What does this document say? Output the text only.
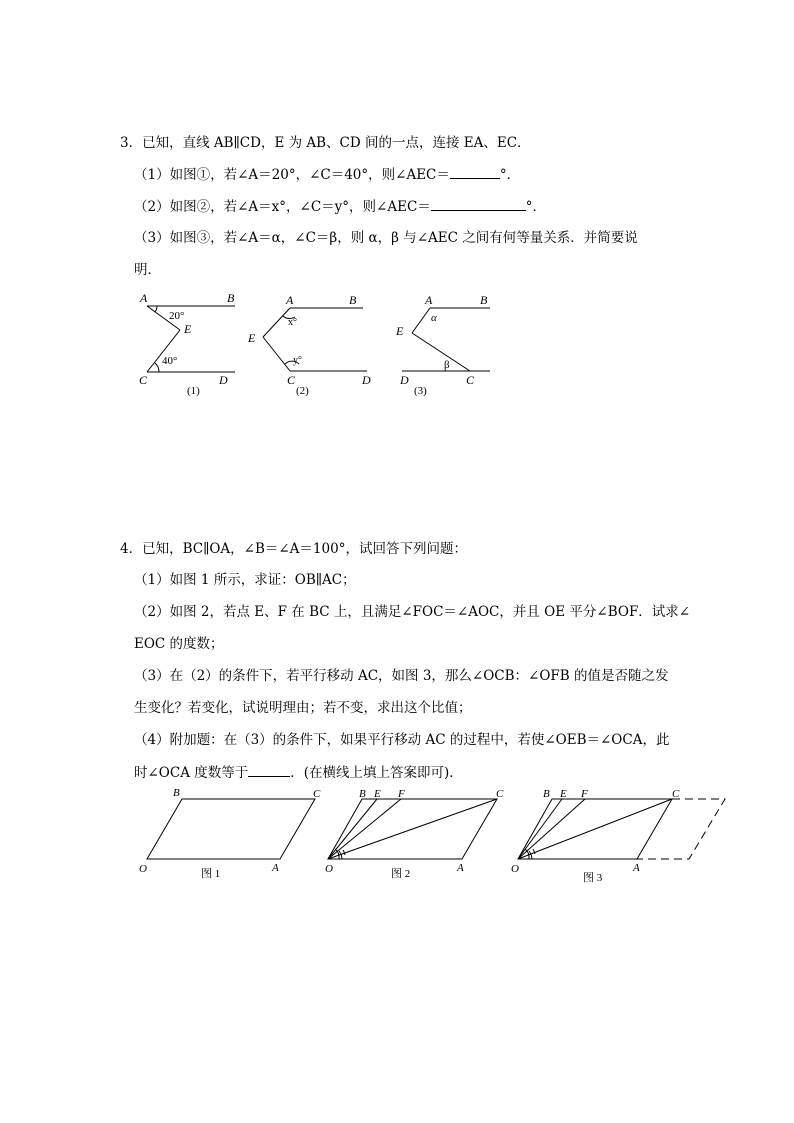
3．已知，直线 AB∥CD，E 为 AB、CD 间的一点，连接 EA、EC．
（1）如图①，若∠A＝20°，∠C＝40°，则∠AEC＝	°．
（2）如图②，若∠A＝x°，∠C＝y°，则∠AEC＝	°．
（3）如图③，若∠A＝α，∠C＝β，则 α，β 与∠AEC 之间有何等量关系．并简要说
明．
A	B
E
C	D
20°
40°
(1)
A	B
E
C	D
x°
y°
(2)
A	B
E
C
D
α
β
(3)
4．已知，BC∥OA，∠B＝∠A＝100°，试回答下列问题：
（1）如图 1 所示，求证：OB∥AC；
（2）如图 2，若点 E、F 在 BC 上，且满足∠FOC＝∠AOC，并且 OE 平分∠BOF．试求∠
EOC 的度数；
（3）在（2）的条件下，若平行移动 AC，如图 3，那么∠OCB：∠OFB 的值是否随之发
生变化？若变化，试说明理由；若不变，求出这个比值；
（4）附加题：在（3）的条件下，如果平行移动 AC 的过程中，若使∠OEB＝∠OCA，此
时∠OCA 度数等于	．(在横线上填上答案即可)．
B	C
O	A
图 1
B E F	C
O	A
图 2
B E F	C
O	A
图 3
